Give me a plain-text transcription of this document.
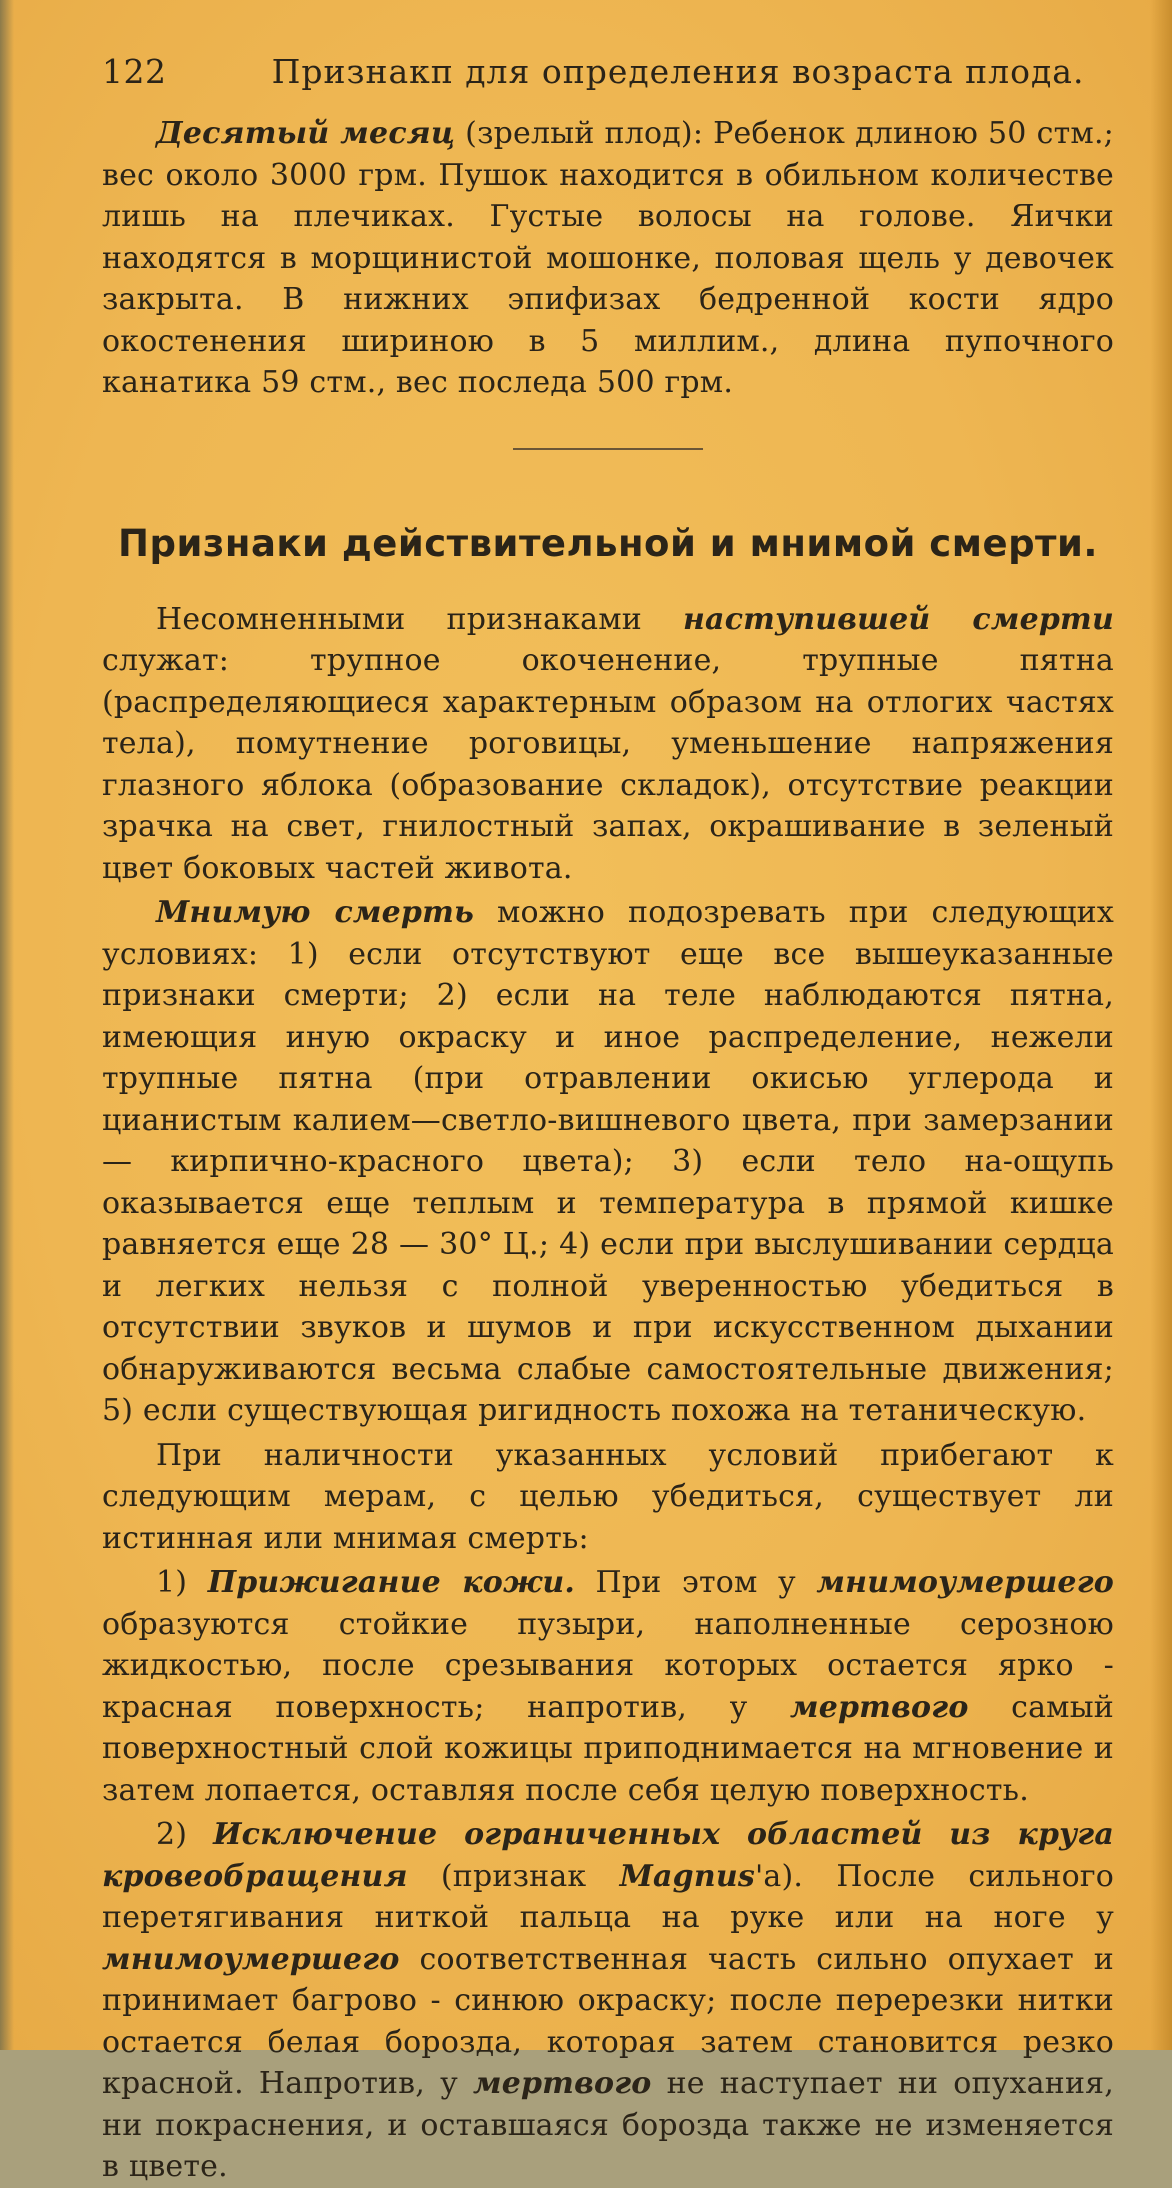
122	Признакп для определения возраста плода.

Десятый месяц (зрелый плод): Ребенок длиною 50 стм.; вес около 3000 грм. Пушок находится в обильном количестве лишь на плечиках. Густые волосы на голове. Яички находятся в морщинистой мошонке, половая щель у девочек закрыта. В нижних эпифизах бедренной кости ядро окостенения шириною в 5 миллим., длина пупочного канатика 59 стм., вес последа 500 грм.

Признаки действительной и мнимой смерти.

Несомненными признаками наступившей смерти служат: трупное окоченение, трупные пятна (распределяющиеся характерным образом на отлогих частях тела), помутнение роговицы, уменьшение напряжения глазного яблока (образование складок), отсутствие реакции зрачка на свет, гнилостный запах, окрашивание в зеленый цвет боковых частей живота.

Мнимую смерть можно подозревать при следующих условиях: 1) если отсутствуют еще все вышеуказанные признаки смерти; 2) если на теле наблюдаются пятна, имеющия иную окраску и иное распределение, нежели трупные пятна (при отравлении окисью углерода и цианистым калием—светло-вишневого цвета, при замерзании — кирпично-красного цвета); 3) если тело на-ощупь оказывается еще теплым и температура в прямой кишке равняется еще 28 — 30° Ц.; 4) если при выслушивании сердца и легких нельзя с полной уверенностью убедиться в отсутствии звуков и шумов и при искусственном дыхании обнаруживаются весьма слабые самостоятельные движения; 5) если существующая ригидность похожа на тетаническую.

При наличности указанных условий прибегают к следующим мерам, с целью убедиться, существует ли истинная или мнимая смерть:

1) Прижигание кожи. При этом у мнимоумершего образуются стойкие пузыри, наполненные серозною жидкостью, после срезывания которых остается ярко - красная поверхность; напротив, у мертвого самый поверхностный слой кожицы приподнимается на мгновение и затем лопается, оставляя после себя целую поверхность.

2) Исключение ограниченных областей из круга кровеобращения (признак Magnus'а). После сильного перетягивания ниткой пальца на руке или на ноге у мнимоумершего соответственная часть сильно опухает и принимает багрово - синюю окраску; после перерезки нитки остается белая борозда, которая затем становится резко красной. Напротив, у мертвого не наступает ни опухания, ни покраснения, и оставшаяся борозда также не изменяется в цвете.
